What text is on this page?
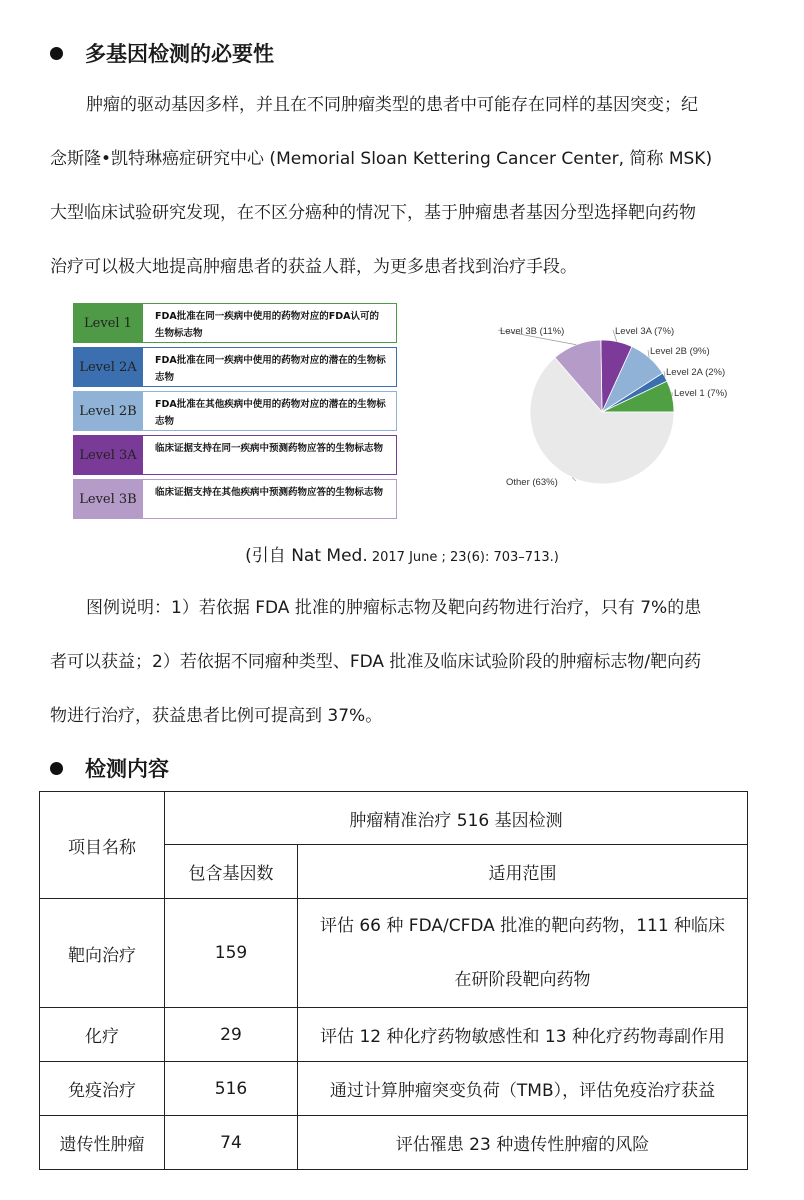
多基因检测的必要性

肿瘤的驱动基因多样，并且在不同肿瘤类型的患者中可能存在同样的基因突变；纪
念斯隆•凯特琳癌症研究中心 (Memorial Sloan Kettering Cancer Center, 简称 MSK)
大型临床试验研究发现，在不区分癌种的情况下，基于肿瘤患者基因分型选择靶向药物
治疗可以极大地提高肿瘤患者的获益人群，为更多患者找到治疗手段。

Level 1	FDA批准在同一疾病中使用的药物对应的FDA认可的生物标志物
Level 2A	FDA批准在同一疾病中使用的药物对应的潜在的生物标志物
Level 2B	FDA批准在其他疾病中使用的药物对应的潜在的生物标志物
Level 3A	临床证据支持在同一疾病中预测药物应答的生物标志物
Level 3B	临床证据支持在其他疾病中预测药物应答的生物标志物
Level 1 (7%)
Level 2A (2%)
Level 2B (9%)
Level 3A (7%)
Level 3B (11%)
Other (63%)
(引自 Nat Med. 2017 June ; 23(6): 703–713.)

图例说明：1）若依据 FDA 批准的肿瘤标志物及靶向药物进行治疗，只有 7%的患
者可以获益；2）若依据不同瘤种类型、FDA 批准及临床试验阶段的肿瘤标志物/靶向药
物进行治疗，获益患者比例可提高到 37%。

检测内容
项目名称	肿瘤精准治疗 516 基因检测	
	包含基因数	适用范围
靶向治疗	159	评估 66 种 FDA/CFDA 批准的靶向药物，111 种临床
在研阶段靶向药物

化疗	29	评估 12 种化疗药物敏感性和 13 种化疗药物毒副作用
免疫治疗	516	通过计算肿瘤突变负荷（TMB），评估免疫治疗获益
遗传性肿瘤	74	评估罹患 23 种遗传性肿瘤的风险
